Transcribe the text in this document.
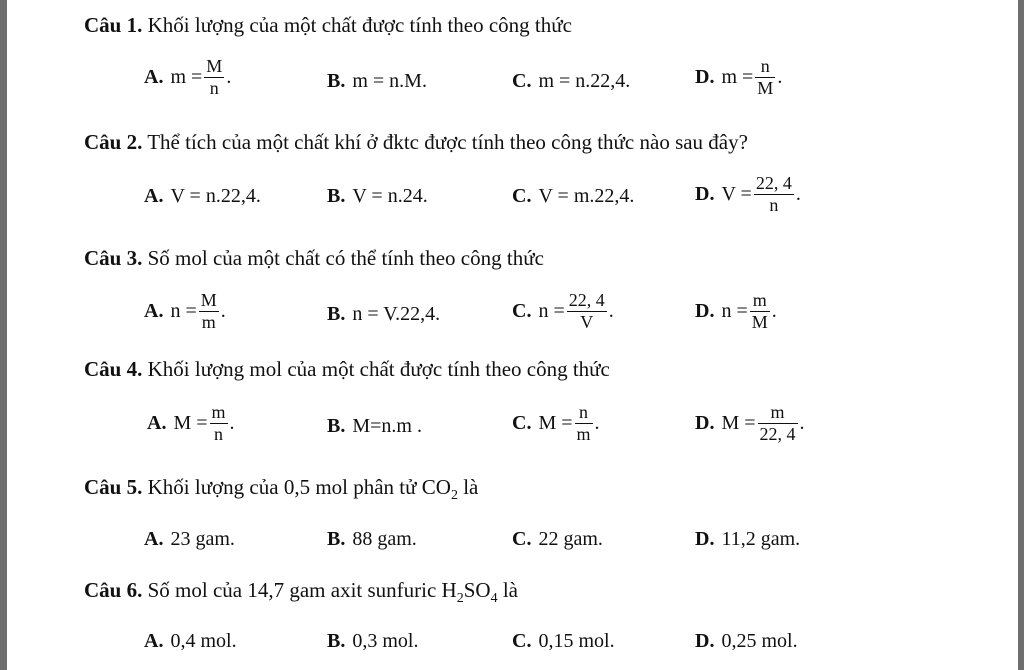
Câu 1. Khối lượng của một chất được tính theo công thức
A. $m = \frac{M}{n}$ .	B. m = n.M.	C. m = n.22,4.	D. $m = \frac{n}{M}$ .
Câu 2. Thể tích của một chất khí ở đktc được tính theo công thức nào sau đây?
A. V = n.22,4.	B. V = n.24.	C. V = m.22,4.	D. $V = \frac{22, 4}{n}$ .
Câu 3. Số mol của một chất có thể tính theo công thức
A. $n = \frac{M}{m}$ .	B. n = V.22,4.	C. $n = \frac{22, 4}{V}$ .	D. $n = \frac{m}{M}$ .
Câu 4. Khối lượng mol của một chất được tính theo công thức
A. $M = \frac{m}{n}$ .	B. M=n.m .	C. $M = \frac{n}{m}$ .	D. $M = \frac{m}{22, 4}$ .
Câu 5. Khối lượng của 0,5 mol phân tử $CO_2$ là
A. 23 gam.	B. 88 gam.	C. 22 gam.	D. 11,2 gam.
Câu 6. Số mol của 14,7 gam axit sunfuric $H_2SO_4$ là
A. 0,4 mol.	B. 0,3 mol.	C. 0,15 mol.	D. 0,25 mol.
